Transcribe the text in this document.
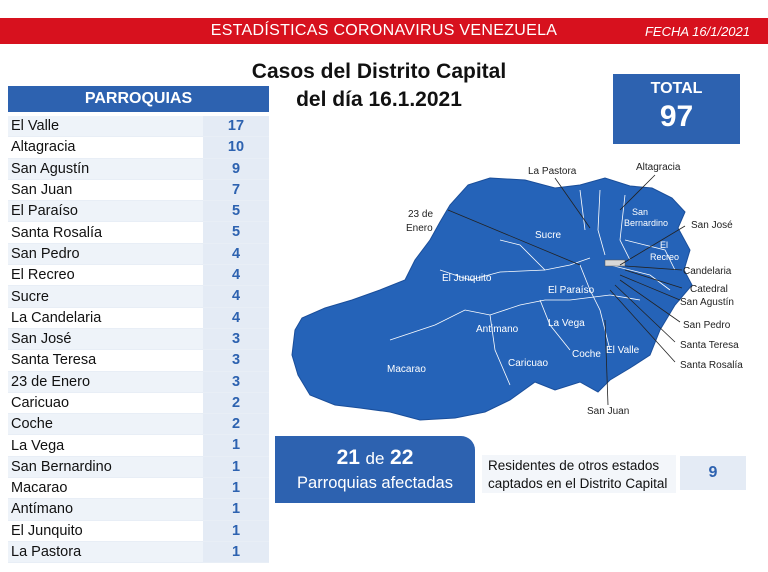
ESTADÍSTICAS CORONAVIRUS VENEZUELA	FECHA 16/1/2021
Casos del Distrito Capital
del día 16.1.2021
PARROQUIAS
El Valle	17
Altagracia	10
San Agustín	9
San Juan	7
El Paraíso	5
Santa Rosalía	5
San Pedro	4
El Recreo	4
Sucre	4
La Candelaria	4
San José	3
Santa Teresa	3
23 de Enero	3
Caricuao	2
Coche	2
La Vega	1
San Bernardino	1
Macarao	1
Antímano	1
El Junquito	1
La Pastora	1
TOTAL
97
La Pastora	Altagracia
San José
Candelaria
Catedral
San Agustín
San Pedro
Santa Teresa
Santa Rosalía
23 de
Enero
San Juan
San
Bernardino
El
Recreo
Sucre
El Junquito
El Paraíso
Antimano
La Vega
Macarao
Caricuao
Coche El Valle
21 de 22
Parroquias afectadas
Residentes de otros estados
captados en el Distrito Capital
9
